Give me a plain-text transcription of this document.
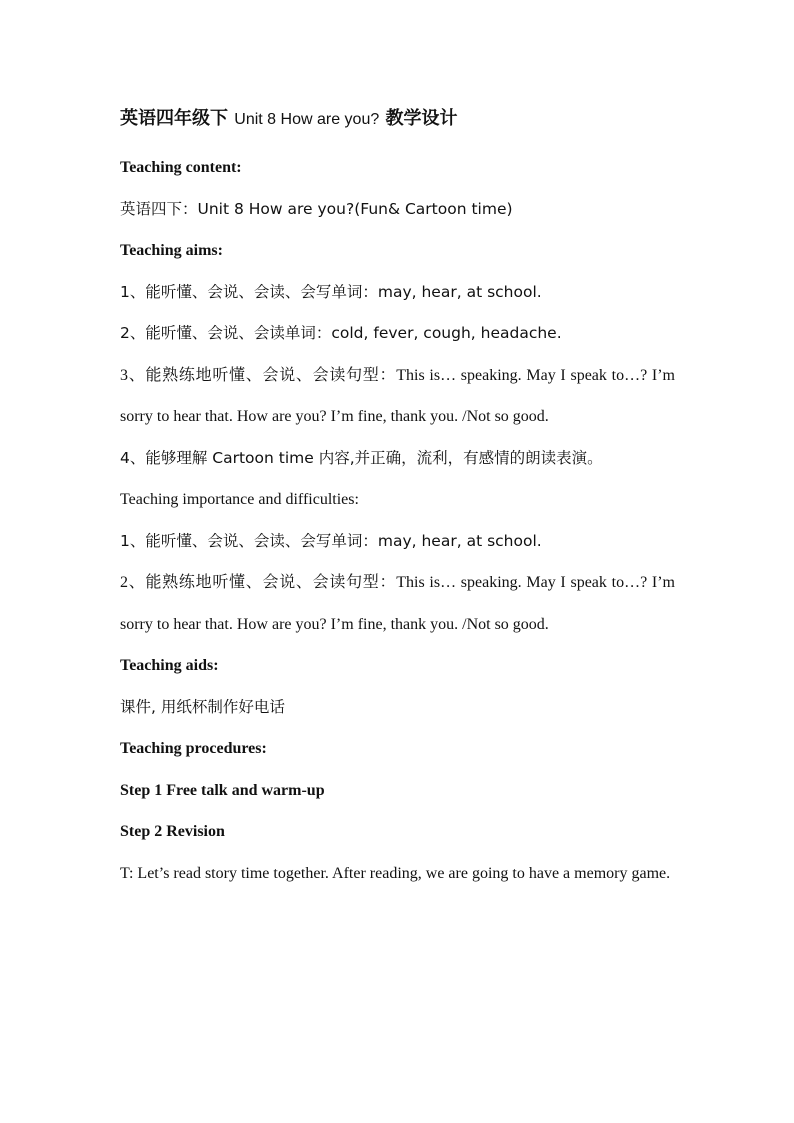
英语四年级下 Unit 8 How are you? 教学设计

Teaching content:

英语四下：Unit 8 How are you?(Fun& Cartoon time)

Teaching aims:

1、能听懂、会说、会读、会写单词：may, hear, at school.

2、能听懂、会说、会读单词：cold, fever, cough, headache.

3、能熟练地听懂、会说、会读句型：This is… speaking. May I speak to…? I’m sorry to hear that. How are you? I’m fine, thank you. /Not so good.

4、能够理解 Cartoon time 内容,并正确，流利，有感情的朗读表演。

Teaching importance and difficulties:

1、能听懂、会说、会读、会写单词：may, hear, at school.

2、能熟练地听懂、会说、会读句型：This is… speaking. May I speak to…? I’m sorry to hear that. How are you? I’m fine, thank you. /Not so good.

Teaching aids:

课件, 用纸杯制作好电话

Teaching procedures:

Step 1 Free talk and warm-up

Step 2 Revision

T: Let’s read story time together. After reading, we are going to have a memory game.
